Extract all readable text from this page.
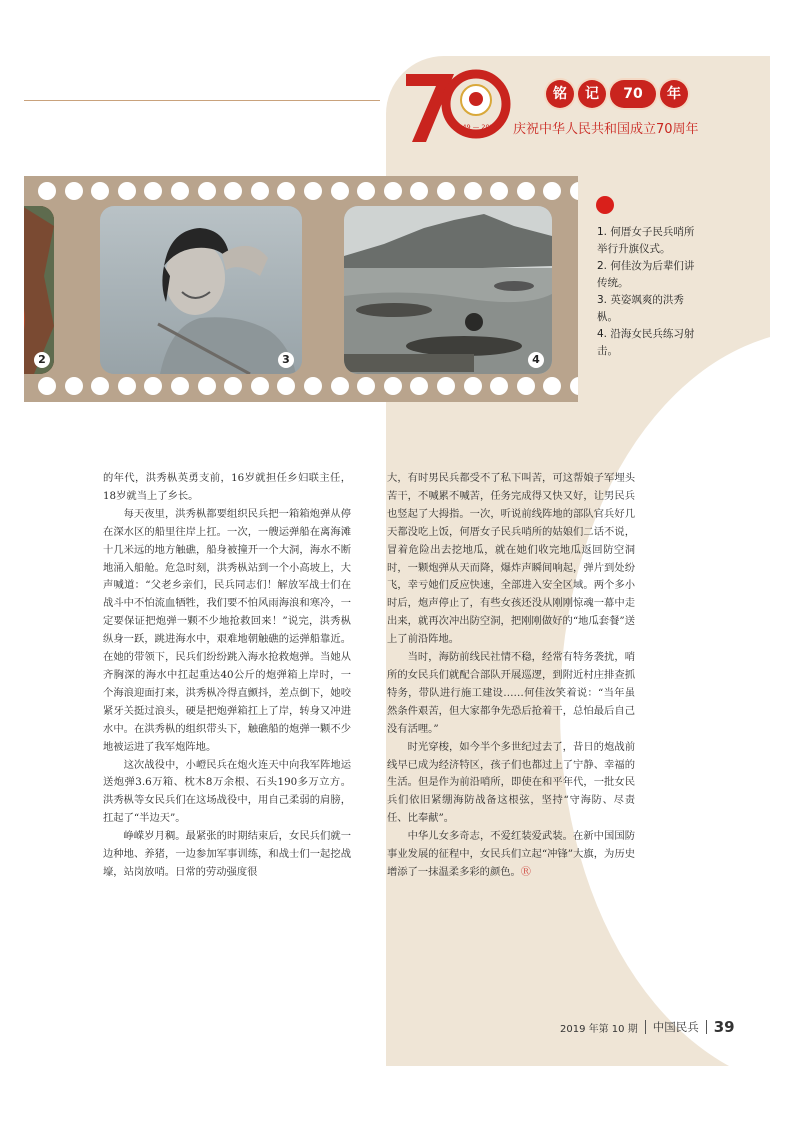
1949 — 2019
铭	记	70	年
庆祝中华人民共和国成立70周年
2	3	4

1. 何厝女子民兵哨所举行升旗仪式。

2. 何佳汝为后辈们讲传统。

3. 英姿飒爽的洪秀枞。

4. 沿海女民兵练习射击。

的年代，洪秀枞英勇支前，16岁就担任乡妇联主任，18岁就当上了乡长。

每天夜里，洪秀枞都要组织民兵把一箱箱炮弹从停在深水区的船里往岸上扛。一次，一艘运弹船在离海滩十几米远的地方触礁，船身被撞开一个大洞，海水不断地涌入船舱。危急时刻，洪秀枞站到一个小高坡上，大声喊道：“父老乡亲们，民兵同志们！解放军战士们在战斗中不怕流血牺牲，我们要不怕风雨海浪和寒冷，一定要保证把炮弹一颗不少地抢救回来！”说完，洪秀枞纵身一跃，跳进海水中，艰难地朝触礁的运弹船靠近。在她的带领下，民兵们纷纷跳入海水抢救炮弹。当她从齐胸深的海水中扛起重达40公斤的炮弹箱上岸时，一个海浪迎面打来，洪秀枞冷得直颤抖，差点倒下，她咬紧牙关挺过浪头，硬是把炮弹箱扛上了岸，转身又冲进水中。在洪秀枞的组织带头下，触礁船的炮弹一颗不少地被运进了我军炮阵地。

这次战役中，小嶝民兵在炮火连天中向我军阵地运送炮弹3.6万箱、枕木8万余根、石头190多万立方。洪秀枞等女民兵们在这场战役中，用自己柔弱的肩膀，扛起了“半边天”。

峥嵘岁月稠。最紧张的时期结束后，女民兵们就一边种地、养猪，一边参加军事训练，和战士们一起挖战壕，站岗放哨。日常的劳动强度很

大，有时男民兵都受不了私下叫苦，可这帮娘子军埋头苦干，不喊累不喊苦，任务完成得又快又好，让男民兵也竖起了大拇指。一次，听说前线阵地的部队官兵好几天都没吃上饭，何厝女子民兵哨所的姑娘们二话不说，冒着危险出去挖地瓜，就在她们收完地瓜返回防空洞时，一颗炮弹从天而降，爆炸声瞬间响起，弹片到处纷飞，幸亏她们反应快速，全部进入安全区域。两个多小时后，炮声停止了，有些女孩还没从刚刚惊魂一幕中走出来，就再次冲出防空洞，把刚刚做好的“地瓜套餐”送上了前沿阵地。

当时，海防前线民社情不稳，经常有特务袭扰，哨所的女民兵们就配合部队开展巡逻，到附近村庄排查抓特务，带队进行施工建设……何佳汝笑着说：“当年虽然条件艰苦，但大家都争先恐后抢着干，总怕最后自己没有活哩。”

时光穿梭，如今半个多世纪过去了，昔日的炮战前线早已成为经济特区，孩子们也都过上了宁静、幸福的生活。但是作为前沿哨所，即使在和平年代，一批女民兵们依旧紧绷海防战备这根弦，坚持“守海防、尽责任、比奉献”。

中华儿女多奇志，不爱红装爱武装。在新中国国防事业发展的征程中，女民兵们立起“冲锋”大旗，为历史增添了一抹温柔多彩的颜色。Ⓡ

2019 年第 10 期 中国民兵 39
